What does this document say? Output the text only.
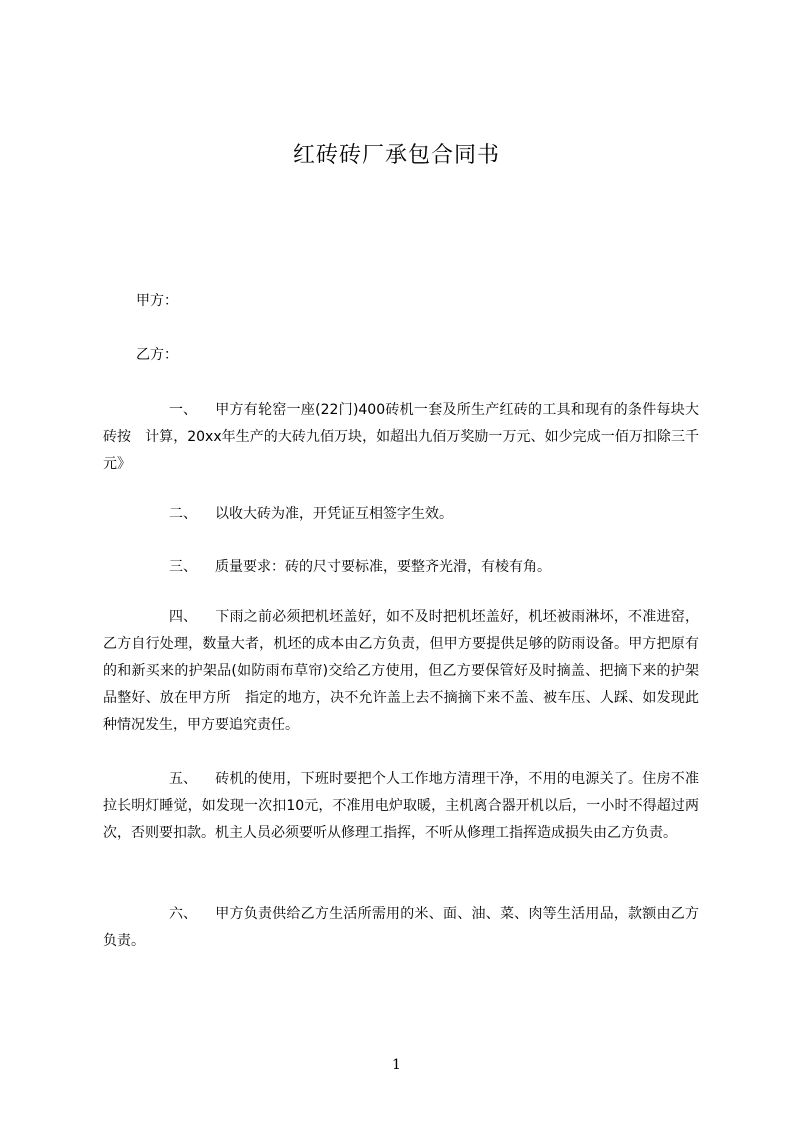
红砖砖厂承包合同书
甲方：
乙方：
一、 甲方有轮窑一座(22门)400砖机一套及所生产红砖的工具和现有的条件每块大砖按　计算，20xx年生产的大砖九佰万块，如超出九佰万奖励一万元、如少完成一佰万扣除三千元》
二、 以收大砖为准，开凭证互相签字生效。
三、 质量要求：砖的尺寸要标准，要整齐光滑，有棱有角。
四、 下雨之前必须把机坯盖好，如不及时把机坯盖好，机坯被雨淋坏，不准进窑，乙方自行处理，数量大者，机坯的成本由乙方负责，但甲方要提供足够的防雨设备。甲方把原有的和新买来的护架品(如防雨布草帘)交给乙方使用，但乙方要保管好及时摘盖、把摘下来的护架品整好、放在甲方所　指定的地方，决不允许盖上去不摘摘下来不盖、被车压、人踩、如发现此种情况发生，甲方要追究责任。
五、 砖机的使用，下班时要把个人工作地方清理干净，不用的电源关了。住房不准拉长明灯睡觉，如发现一次扣10元，不准用电炉取暖，主机离合器开机以后，一小时不得超过两次，否则要扣款。机主人员必须要听从修理工指挥，不听从修理工指挥造成损失由乙方负责。
六、 甲方负责供给乙方生活所需用的米、面、油、菜、肉等生活用品，款额由乙方负责。
1
